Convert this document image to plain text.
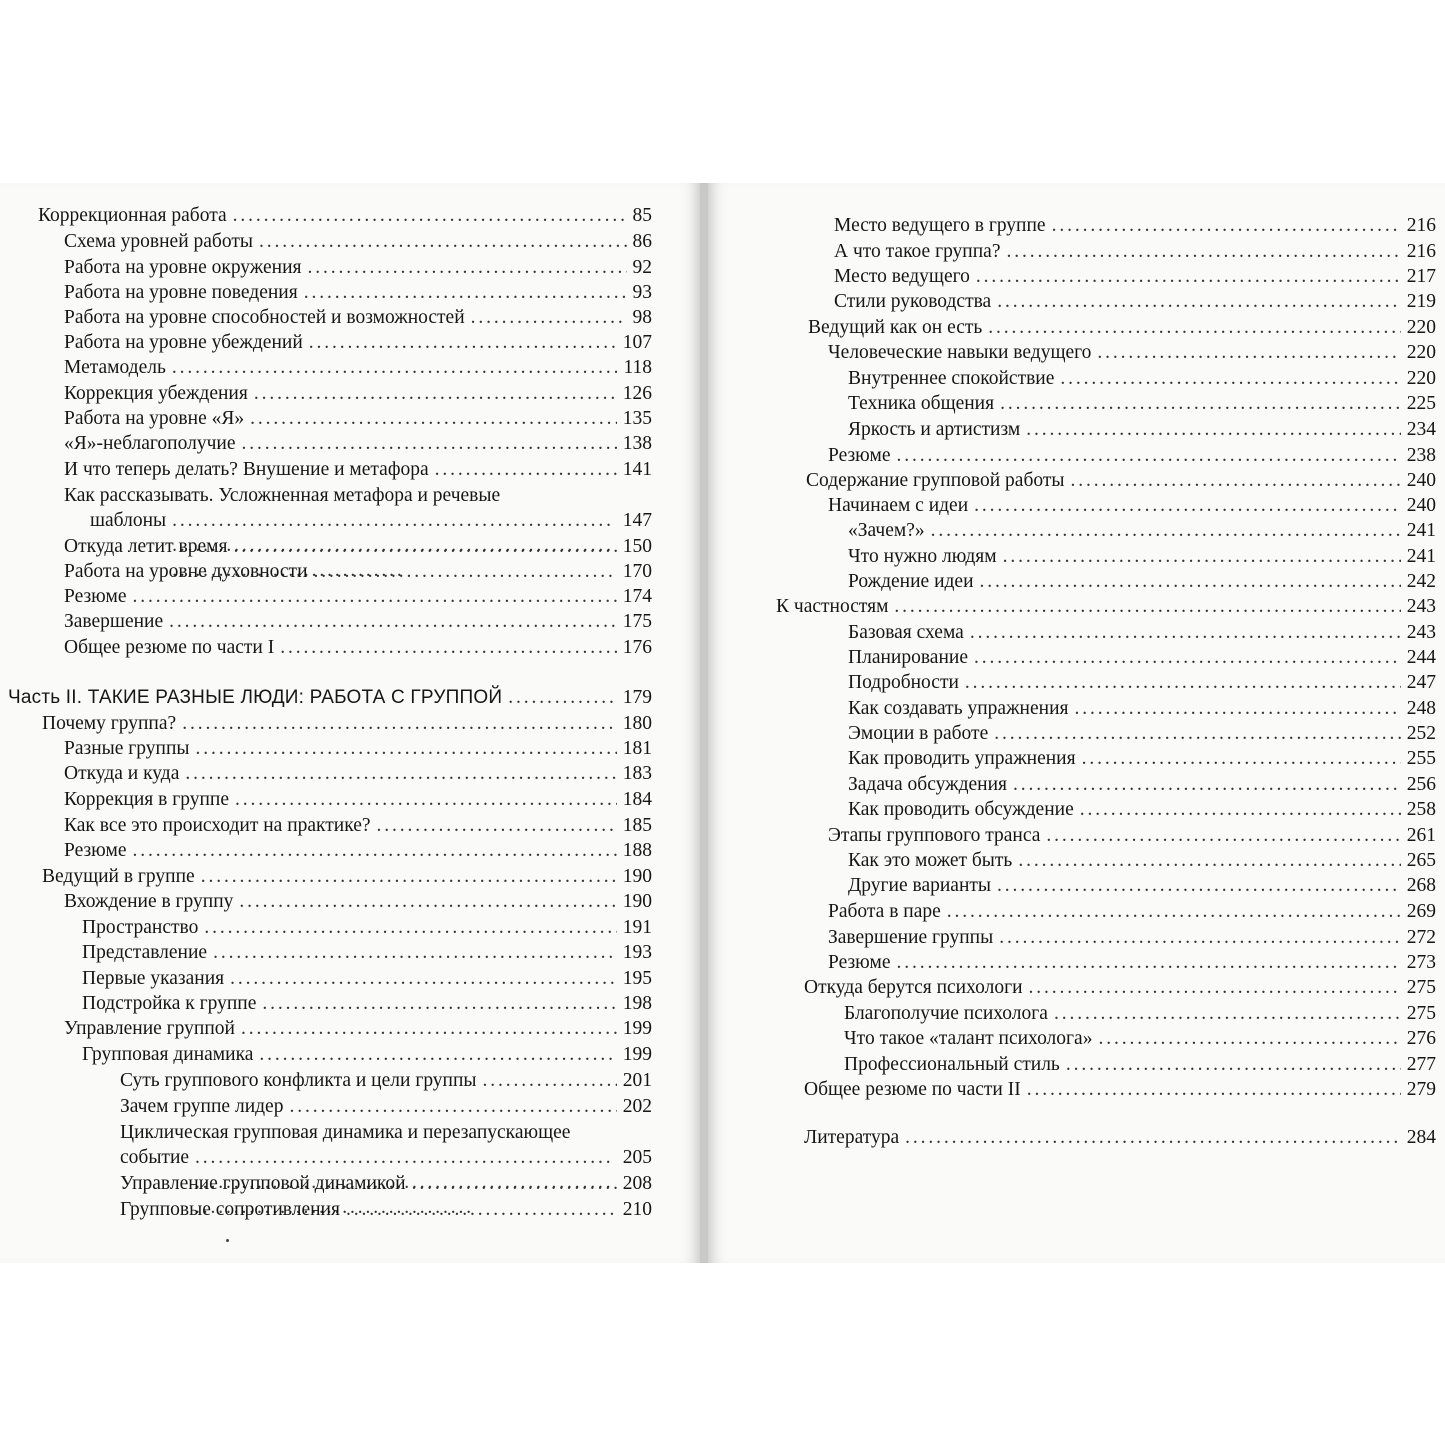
Коррекционная работа . . .	85
Схема уровней работы . . .	86
Работа на уровне окружения . . .	92
Работа на уровне поведения . . .	93
Работа на уровне способностей и возможностей . . .	98
Работа на уровне убеждений . . .	107
Метамодель . . .	118
Коррекция убеждения . . .	126
Работа на уровне «Я» . . .	135
«Я»-неблагополучие . . .	138
И что теперь делать? Внушение и метафора . . .	141
Как рассказывать. Усложненная метафора и речевые
шаблоны . . .	147
Откуда летит время . . .	150
Работа на уровне духовности . . .	170
Резюме . . .	174
Завершение . . .	175
Общее резюме по части I . . .	176
Часть II. ТАКИЕ РАЗНЫЕ ЛЮДИ: РАБОТА С ГРУППОЙ . . .	179
Почему группа? . . .	180
Разные группы . . .	181
Откуда и куда . . .	183
Коррекция в группе . . .	184
Как все это происходит на практике? . . .	185
Резюме . . .	188
Ведущий в группе . . .	190
Вхождение в группу . . .	190
Пространство . . .	191
Представление . . .	193
Первые указания . . .	195
Подстройка к группе . . .	198
Управление группой . . .	199
Групповая динамика . . .	199
Суть группового конфликта и цели группы . . .	201
Зачем группе лидер . . .	202
Циклическая групповая динамика и перезапускающее
событие . . .	205
Управление групповой динамикой . . .	208
Групповые сопротивления . . .	210
Место ведущего в группе . . .	216
А что такое группа? . . .	216
Место ведущего . . .	217
Стили руководства . . .	219
Ведущий как он есть . . .	220
Человеческие навыки ведущего . . .	220
Внутреннее спокойствие . . .	220
Техника общения . . .	225
Яркость и артистизм . . .	234
Резюме . . .	238
Содержание групповой работы . . .	240
Начинаем с идеи . . .	240
«Зачем?» . . .	241
Что нужно людям . . .	241
Рождение идеи . . .	242
К частностям . . .	243
Базовая схема . . .	243
Планирование . . .	244
Подробности . . .	247
Как создавать упражнения . . .	248
Эмоции в работе . . .	252
Как проводить упражнения . . .	255
Задача обсуждения . . .	256
Как проводить обсуждение . . .	258
Этапы группового транса . . .	261
Как это может быть . . .	265
Другие варианты . . .	268
Работа в паре . . .	269
Завершение группы . . .	272
Резюме . . .	273
Откуда берутся психологи . . .	275
Благополучие психолога . . .	275
Что такое «талант психолога» . . .	276
Профессиональный стиль . . .	277
Общее резюме по части II . . .	279
Литература . . .	284
